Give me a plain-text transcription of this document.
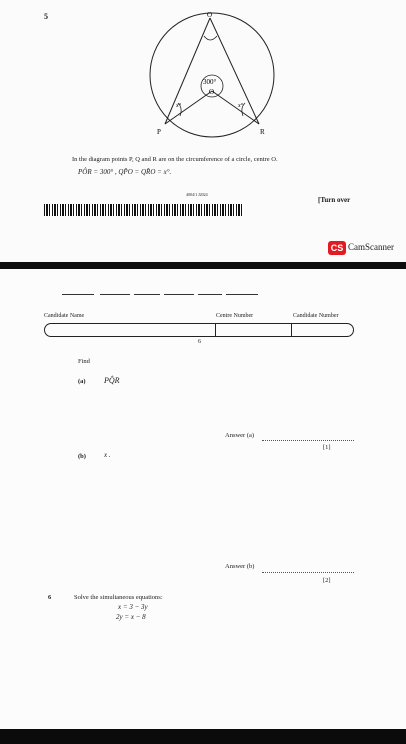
5	O
300°
O
x°	x°
P	R
In the diagram points P, Q and R are on the circumference of a circle, centre O.
PÔR = 300° , QP̂O = QR̂O = x°.
4004/1 J2024
[Turn over
CS CamScanner
Candidate Name	Centre Number	Candidate Number
6
Find
(a) PQ̂R
Answer (a)
[1]
(b)	x .
Answer (b)
[2]
6	Solve the simultaneous equations:
x = 3 − 3y
2y = x − 8
